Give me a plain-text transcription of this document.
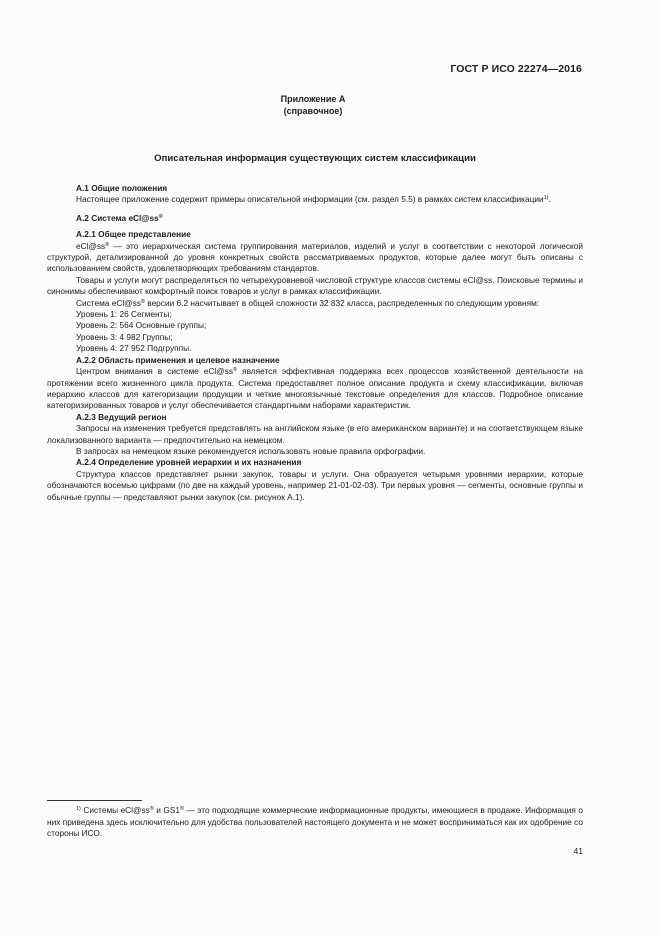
ГОСТ Р ИСО 22274—2016
Приложение А
(справочное)
Описательная информация существующих систем классификации

А.1 Общие положения

Настоящее приложение содержит примеры описательной информации (см. раздел 5.5) в рамках систем классификации$^{1)}$.

А.2 Система eCl@ss®

А.2.1 Общее представление

eCl@ss® — это иерархическая система группирования материалов, изделий и услуг в соответствии с некоторой логической структурой, детализированной до уровня конкретных свойств рассматриваемых продуктов, которые далее могут быть описаны с использованием свойств, удовлетворяющих требованиям стандартов.

Товары и услуги могут распределяться по четырехуровневой числовой структуре классов системы eCl@ss. Поисковые термины и синонимы обеспечивают комфортный поиск товаров и услуг в рамках классификации.

Система eCl@ss® версии 6.2 насчитывает в общей сложности 32 832 класса, распределенных по следующим уровням:

Уровень 1: 26 Сегменты;

Уровень 2: 564 Основные группы;

Уровень 3: 4 982 Группы;

Уровень 4: 27 952 Подгруппы.

А.2.2 Область применения и целевое назначение

Центром внимания в системе eCl@ss® является эффективная поддержка всех процессов хозяйственной деятельности на протяжении всего жизненного цикла продукта. Система предоставляет полное описание продукта и схему классификации, включая иерархию классов для категоризации продукции и четкие многоязычные текстовые определения для классов. Подробное описание категоризированных товаров и услуг обеспечивается стандартными наборами характеристик.

А.2.3 Ведущий регион

Запросы на изменения требуется представлять на английском языке (в его американском варианте) и на соответствующем языке локализованного варианта — предпочтительно на немецком.

В запросах на немецком языке рекомендуется использовать новые правила орфографии.

А.2.4 Определение уровней иерархии и их назначения

Структура классов представляет рынки закупок, товары и услуги. Она образуется четырьмя уровнями иерархии, которые обозначаются восемью цифрами (по две на каждый уровень, например 21-01-02-03). Три первых уровня — сегменты, основные группы и обычные группы — представляют рынки закупок (см. рисунок А.1).

$^{1)}$ Системы eCl@ss® и GS1® — это подходящие коммерческие информационные продукты, имеющиеся в продаже. Информация о них приведена здесь исключительно для удобства пользователей настоящего документа и не может восприниматься как их одобрение со стороны ИСО.

41
